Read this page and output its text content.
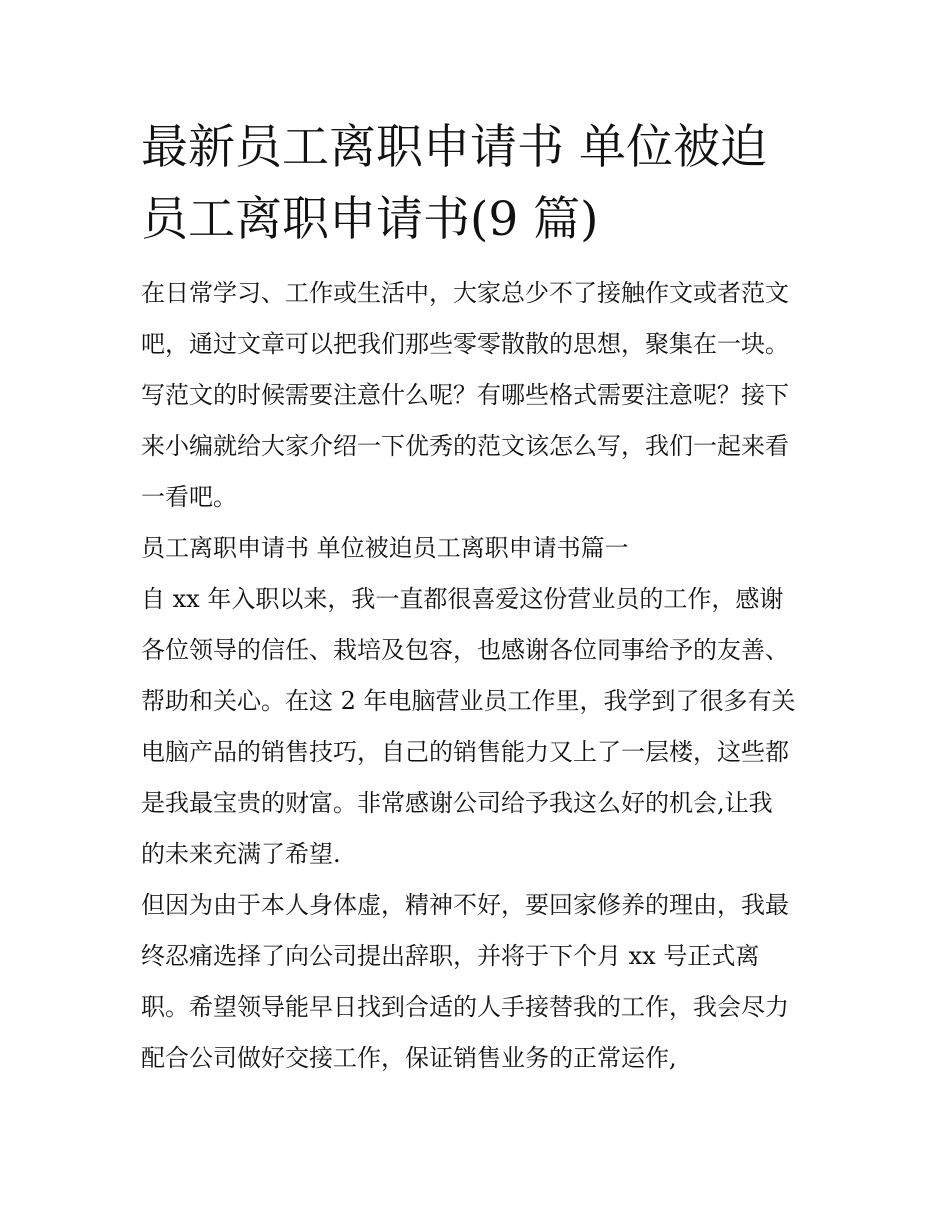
最新员工离职申请书 单位被迫
员工离职申请书(9 篇)
在日常学习、工作或生活中，大家总少不了接触作文或者范文
吧，通过文章可以把我们那些零零散散的思想，聚集在一块。
写范文的时候需要注意什么呢？有哪些格式需要注意呢？接下
来小编就给大家介绍一下优秀的范文该怎么写，我们一起来看
一看吧。
员工离职申请书 单位被迫员工离职申请书篇一
自 xx 年入职以来，我一直都很喜爱这份营业员的工作，感谢
各位领导的信任、栽培及包容，也感谢各位同事给予的友善、
帮助和关心。在这 2 年电脑营业员工作里，我学到了很多有关
电脑产品的销售技巧，自己的销售能力又上了一层楼，这些都
是我最宝贵的财富。非常感谢公司给予我这么好的机会,让我
的未来充满了希望.
但因为由于本人身体虚，精神不好，要回家修养的理由，我最
终忍痛选择了向公司提出辞职，并将于下个月 xx 号正式离
职。希望领导能早日找到合适的人手接替我的工作，我会尽力
配合公司做好交接工作，保证销售业务的正常运作,
